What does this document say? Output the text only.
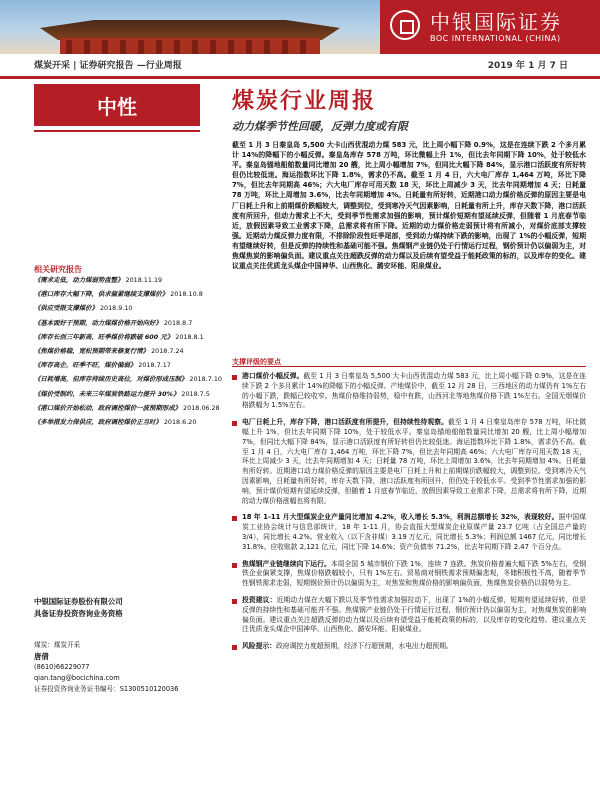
中银国际证券
BOC INTERNATIONAL (CHINA)
煤炭开采 | 证券研究报告 —行业周报	2019 年 1 月 7 日
中性
相关研究报告
《需求走低，动力煤弱势盘整》 2018.11.19
《港口库存大幅下降，供求偏紧继续支撑煤价》 2018.10.8
《供应受限支撑煤价》 2018.9.10
《基本面好于预期，动力煤煤价格开始向好》 2018.8.7
《库存长创三年新高，旺季煤价将跌破 600 元》 2018.8.1
《焦煤价格稳，宽松预期带来修复行情》 2018.7.24
《库存高企，旺季不旺，煤价偏弱》 2018.7.17
《日耗增高，但库存持续历史高位，对煤价形成压制》 2018.7.10
《煤价受制约，未来三年煤炭铁路运力提升 30%》 2018.7.5
《港口煤价开始松动，政府调控煤价一波预期形成》 2018.06.28
《多举措发力保供应，政府调控煤价正当时》 2018.6.20
中银国际证券股份有限公司
具备证券投资咨询业务资格
煤炭：煤炭开采
唐倩
(8610)66229077
qian.tang@bocichina.com
证券投资咨询业务证书编号：S1300510120036
煤炭行业周报
动力煤季节性回暖，反弹力度或有限

截至 1 月 3 日秦皇岛 5,500 大卡山西优混动力煤 583 元，比上周小幅下降 0.9%，这是在连续下跌 2 个多月累计 14%的降幅下的小幅反弹。秦皇岛库存 578 万吨，环比微幅上升 1%，但比去年同期下降 10%，处于较低水平。秦皇岛锚地船舶数量同比增加 20 艘，比上周小幅增加 7%，但同比大幅下降 84%，显示港口活跃度有所好转但仍比较低迷。海运指数环比下降 1.8%，需求仍不高。截至 1 月 4 日，六大电厂库存 1,464 万吨，环比下降 7%，但比去年同期高 46%；六大电厂库存可用天数 18 天，环比上周减少 3 天，比去年同期增加 4 天；日耗量 78 万吨，环比上周增加 3.6%，比去年同期增加 4%。日耗量有所好转，近期港口动力煤价格反弹的原因主要是电厂日耗上升和上前期煤价跌幅较大，调整到位，受到寒冷天气因素影响，日耗量有所上升，库存天数下降，港口活跃度有所回升，但动力需求上不大，受到季节性需求加强的影响，预计煤价短期有望延续反弹，但随着 1 月底春节临近，放假因素导致工业需求下降，总需求将有所下降。近期的动力煤价格走弱预计将有所减小，对煤价底部支撑较强。近期动力煤反弹力度有限，不排除阶段性旺季尾部，受到动力煤持续下跌的影响，出现了 1%的小幅反弹，短期有望继续好转，但是反弹的持续性和基础可能不强。焦煤钢产业链仍处于行情运行过程，钢价预计仍以偏弱为主，对焦煤焦炭的影响偏负面。建议重点关注超跌反弹的动力煤以及后续有望受益于能耗政策的标的，以及库存的变化。建议重点关注优质龙头煤企中国神华、山西焦化、潞安环能、阳泉煤业。

支撑评级的要点
港口煤价小幅反弹。截至 1 月 3 日秦皇岛 5,500 大卡山西优混动力煤 583 元，比上周小幅下降 0.9%，这是在连续下跌 2 个多月累计 14%的降幅下的小幅反弹。产地煤价中，截至 12 月 28 日，三西地区的动力煤仍有 1%左右的小幅下跌，跌幅已较收窄。焦煤价格维持弱势，稳中有跌，山西河北等地焦煤价格下跌 1%左右。全国无烟煤价格跌幅为 1.5%左右。
电厂日耗上升，库存下降，港口活跃度有所提升，但持续性待观察。截至 1 月 4 日秦皇岛库存 578 万吨，环比微幅上升 1%，但比去年同期下降 10%，处于较低水平。秦皇岛锚地船舶数量同比增加 20 艘，比上周小幅增加 7%，但同比大幅下降 84%，显示港口活跃度有所好转但仍比较低迷。海运指数环比下降 1.8%，需求仍不高。截至 1 月 4 日，六大电厂库存 1,464 万吨，环比下降 7%，但比去年同期高 46%；六大电厂库存可用天数 18 天，环比上周减少 3 天，比去年同期增加 4 天；日耗量 78 万吨，环比上周增加 3.6%，比去年同期增加 4%。日耗量有所好转。近期港口动力煤价格反弹的原因主要是电厂日耗上升和上前期煤价跌幅较大，调整到位。受到寒冷天气因素影响，日耗量有所好转，库存天数下降，港口活跃度有所回升，但仍处于较低水平。受到季节性需求加强的影响，预计煤价短期有望延续反弹，但随着 1 月底春节临近，放假因素导致工业需求下降，总需求将有所下降，近期的动力煤价格涨幅也将有限。
18 年 1-11 月大型煤炭企业产量同比增加 4.2%，收入增长 5.3%，利润总额增长 32%，表现较好。据中国煤炭工业协会统计与信息部统计，18 年 1-11 月，协会直报大型煤炭企业原煤产量 23.7 亿吨（占全国总产量的 3/4），同比增长 4.2%。营业收入（以下含非煤）3.19 万亿元，同比增长 5.3%；利润总额 1467 亿元，同比增长 31.8%。应收账款 2,121 亿元，同比下降 14.6%；资产负债率 71.2%，比去年同期下降 2.47 个百分点。
焦煤钢产业链继续向下运行。本周全国 5 城市钢价下跌 1%，连续 7 连跌。焦炭价格普遍大幅下跌 5%左右，受钢铁企业偏紧支撑，焦煤价格跌幅较小，只有 1%左右。贸易商对钢铁需求预期偏悲观，冬储积极性不高，随着季节性钢铁需求走弱，短期钢价预计仍以偏弱为主，对焦炭和焦煤价格的影响偏负面，焦煤焦炭价格仍以弱势为主。
投资建议：近期动力煤在大幅下跌以及季节性需求加强拉动下，出现了 1%的小幅反弹，短期有望延续好转，但是反弹的持续性和基础可能并不强。焦煤钢产业链仍处于行情运行过程，钢价预计仍以偏弱为主，对焦煤焦炭的影响偏负面。建议重点关注超跌反弹的动力煤以及后续有望受益于能耗政策的标的，以及库存的变化趋势。建议重点关注优质龙头煤企中国神华、山西焦化、潞安环能、阳泉煤业。
风险提示：政府调控力度超预期，经济下行超预期，水电出力超预期。
